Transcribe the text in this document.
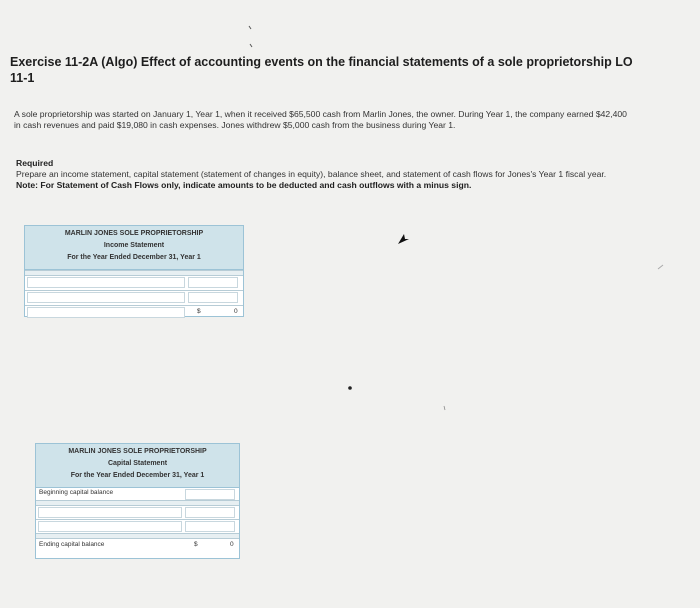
Exercise 11-2A (Algo) Effect of accounting events on the financial statements of a sole proprietorship LO 11-1
A sole proprietorship was started on January 1, Year 1, when it received $65,500 cash from Marlin Jones, the owner. During Year 1, the company earned $42,400 in cash revenues and paid $19,080 in cash expenses. Jones withdrew $5,000 cash from the business during Year 1.
Required
Prepare an income statement, capital statement (statement of changes in equity), balance sheet, and statement of cash flows for Jones's Year 1 fiscal year.
Note: For Statement of Cash Flows only, indicate amounts to be deducted and cash outflows with a minus sign.
MARLIN JONES SOLE PROPRIETORSHIP
Income Statement
For the Year Ended December 31, Year 1
$	0
MARLIN JONES SOLE PROPRIETORSHIP
Capital Statement
For the Year Ended December 31, Year 1
Beginning capital balance
Ending capital balance	$	0
